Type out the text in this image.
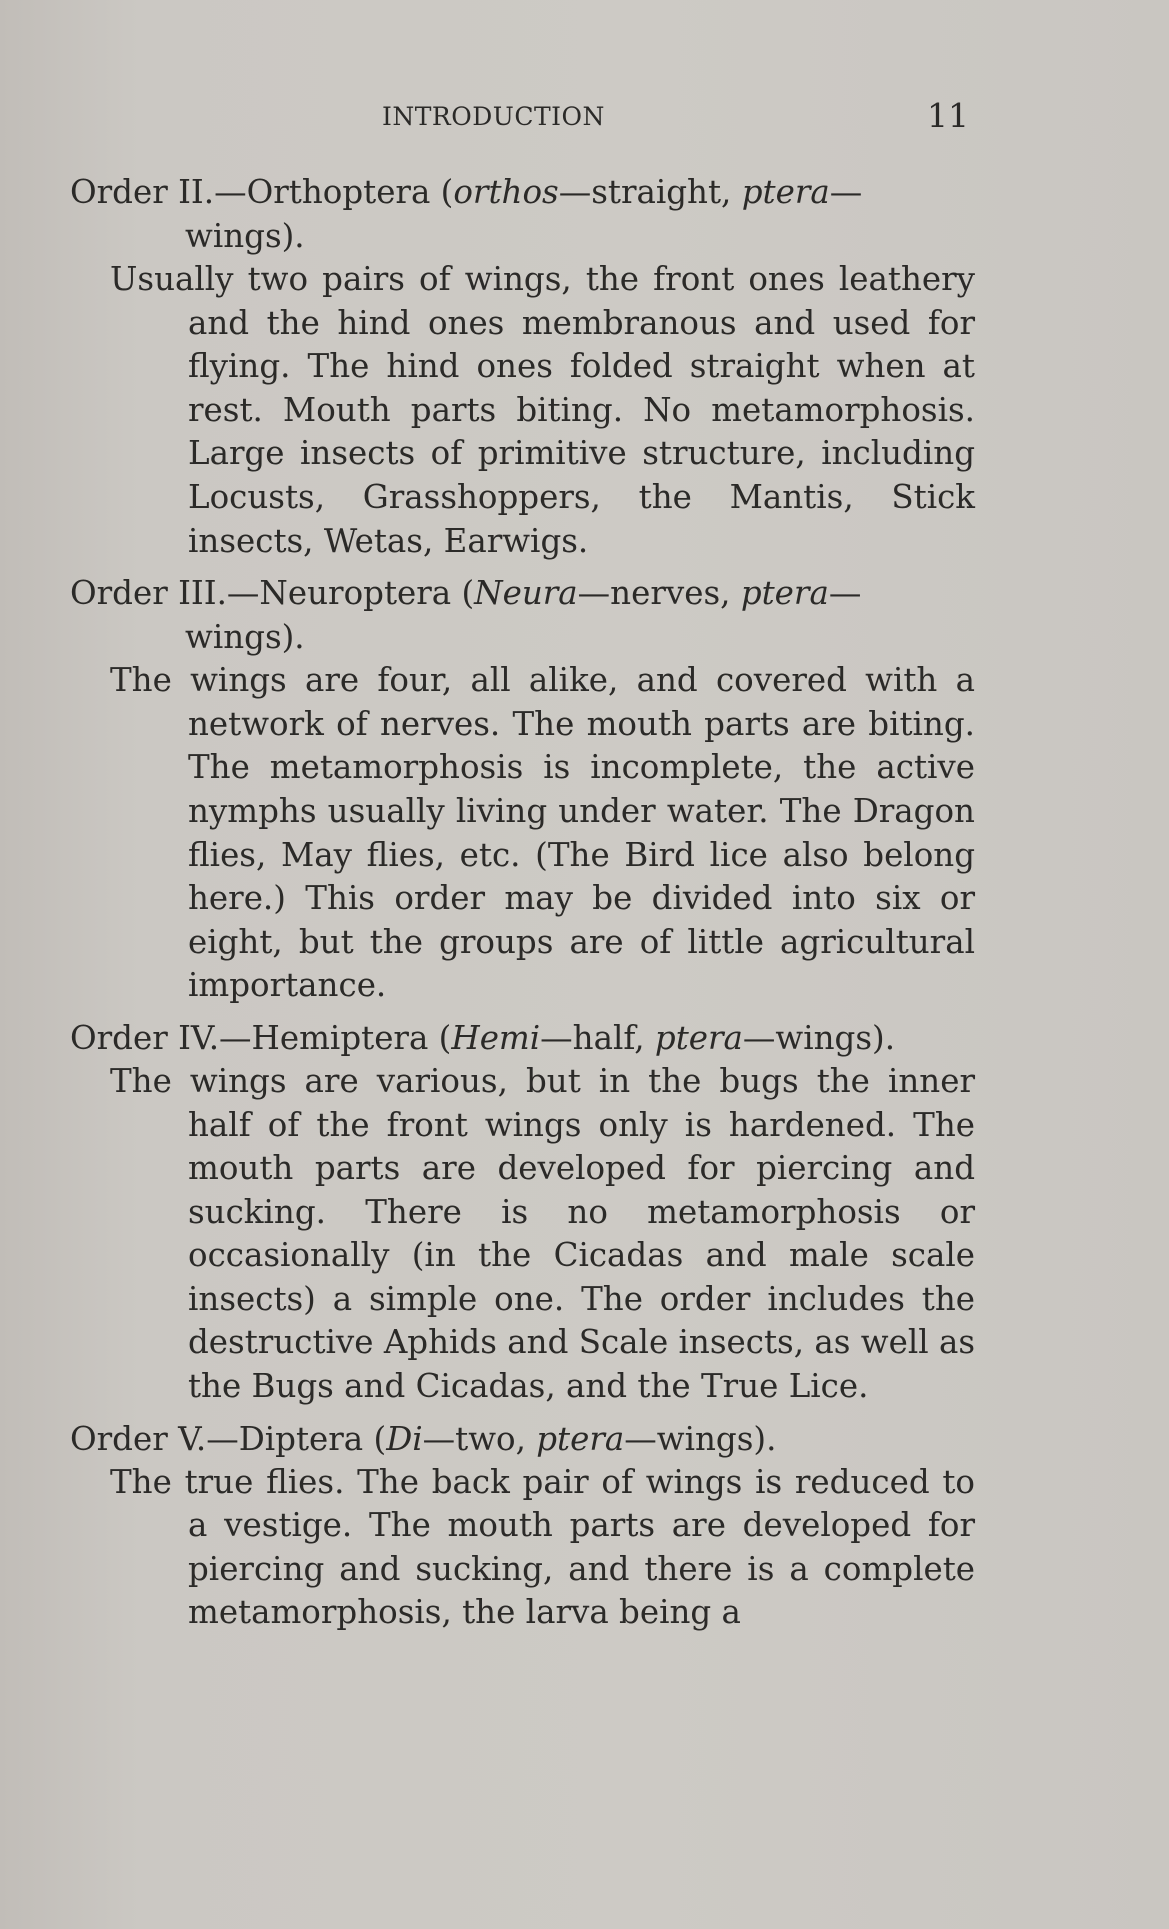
INTRODUCTION	11

Order II.—Orthoptera (orthos—straight, ptera—wings).

Usually two pairs of wings, the front ones leathery and the hind ones membranous and used for flying. The hind ones folded straight when at rest. Mouth parts biting. No metamorphosis. Large insects of primitive structure, including Locusts, Grasshoppers, the Mantis, Stick insects, Wetas, Earwigs.

Order III.—Neuroptera (Neura—nerves, ptera—wings).

The wings are four, all alike, and covered with a network of nerves. The mouth parts are biting. The metamorphosis is incomplete, the active nymphs usually living under water. The Dragon flies, May flies, etc. (The Bird lice also belong here.) This order may be divided into six or eight, but the groups are of little agricultural importance.

Order IV.—Hemiptera (Hemi—half, ptera—wings).

The wings are various, but in the bugs the inner half of the front wings only is hardened. The mouth parts are developed for piercing and sucking. There is no metamorphosis or occasionally (in the Cicadas and male scale insects) a simple one. The order includes the destructive Aphids and Scale insects, as well as the Bugs and Cicadas, and the True Lice.

Order V.—Diptera (Di—two, ptera—wings).

The true flies. The back pair of wings is reduced to a vestige. The mouth parts are developed for piercing and sucking, and there is a complete metamorphosis, the larva being a
